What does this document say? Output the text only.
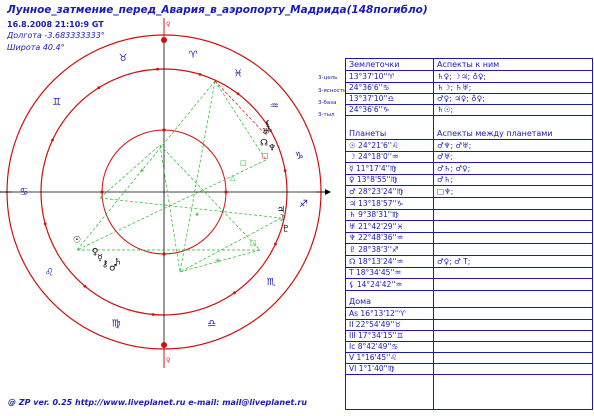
Лунное_затмение_перед_Авария_в_аэропорту_Мадрида(148погибло)
16.8.2008 21:10:9 GT
Долгота -3.683333333°
Широта 40.4°
♀
♀
⚹
△
⚹
□
✳
□
□
♈
♉
♊
♋
♌
♍	♎
♏
♐
♑
♒
♓
☉
☽
☿
♀
♂
♃
♄
♅
♆
♇
☊
⚸
⚷
3-цель
3-ясность
3-база
3-тыл
Землеточки	Аспекты к ним
13°37'10''♈	♄♀; ☽♃; ♁♀;
24°36'6''♋	♄☽; ♄♅;
13°37'10''♎	♂♀; ♃♀; ♁♀;
24°36'6''♑	♄☉;
Планеты	Аспекты между планетами
☉ 24°21'6''♌	♂♆; ♂♅;
☽ 24°18'0''♒	♂♅;
☿ 11°17'4''♍	♂♄; ♂♀;
♀ 13°8'55''♍	♂♄;
♂ 28°23'24''♍	□♆;
♃ 13°18'57''♑
♄ 9°38'31''♍
♅ 21°42'29''♓
♆ 22°48'36''♒
♇ 28°38'3''♐
☊ 18°13'24''♒	♂♀; ♂ T;
T 18°34'45''♒
⚸ 14°24'42''♒
Дома
As 16°13'12''♈
II 22°54'49''♉
III 17°34'15''♊
Ic 8°42'49''♋
V 1°16'45''♌
VI 1°1'40''♍
@ ZP ver. 0.25 http://www.liveplanet.ru e-mail: mail@liveplanet.ru
